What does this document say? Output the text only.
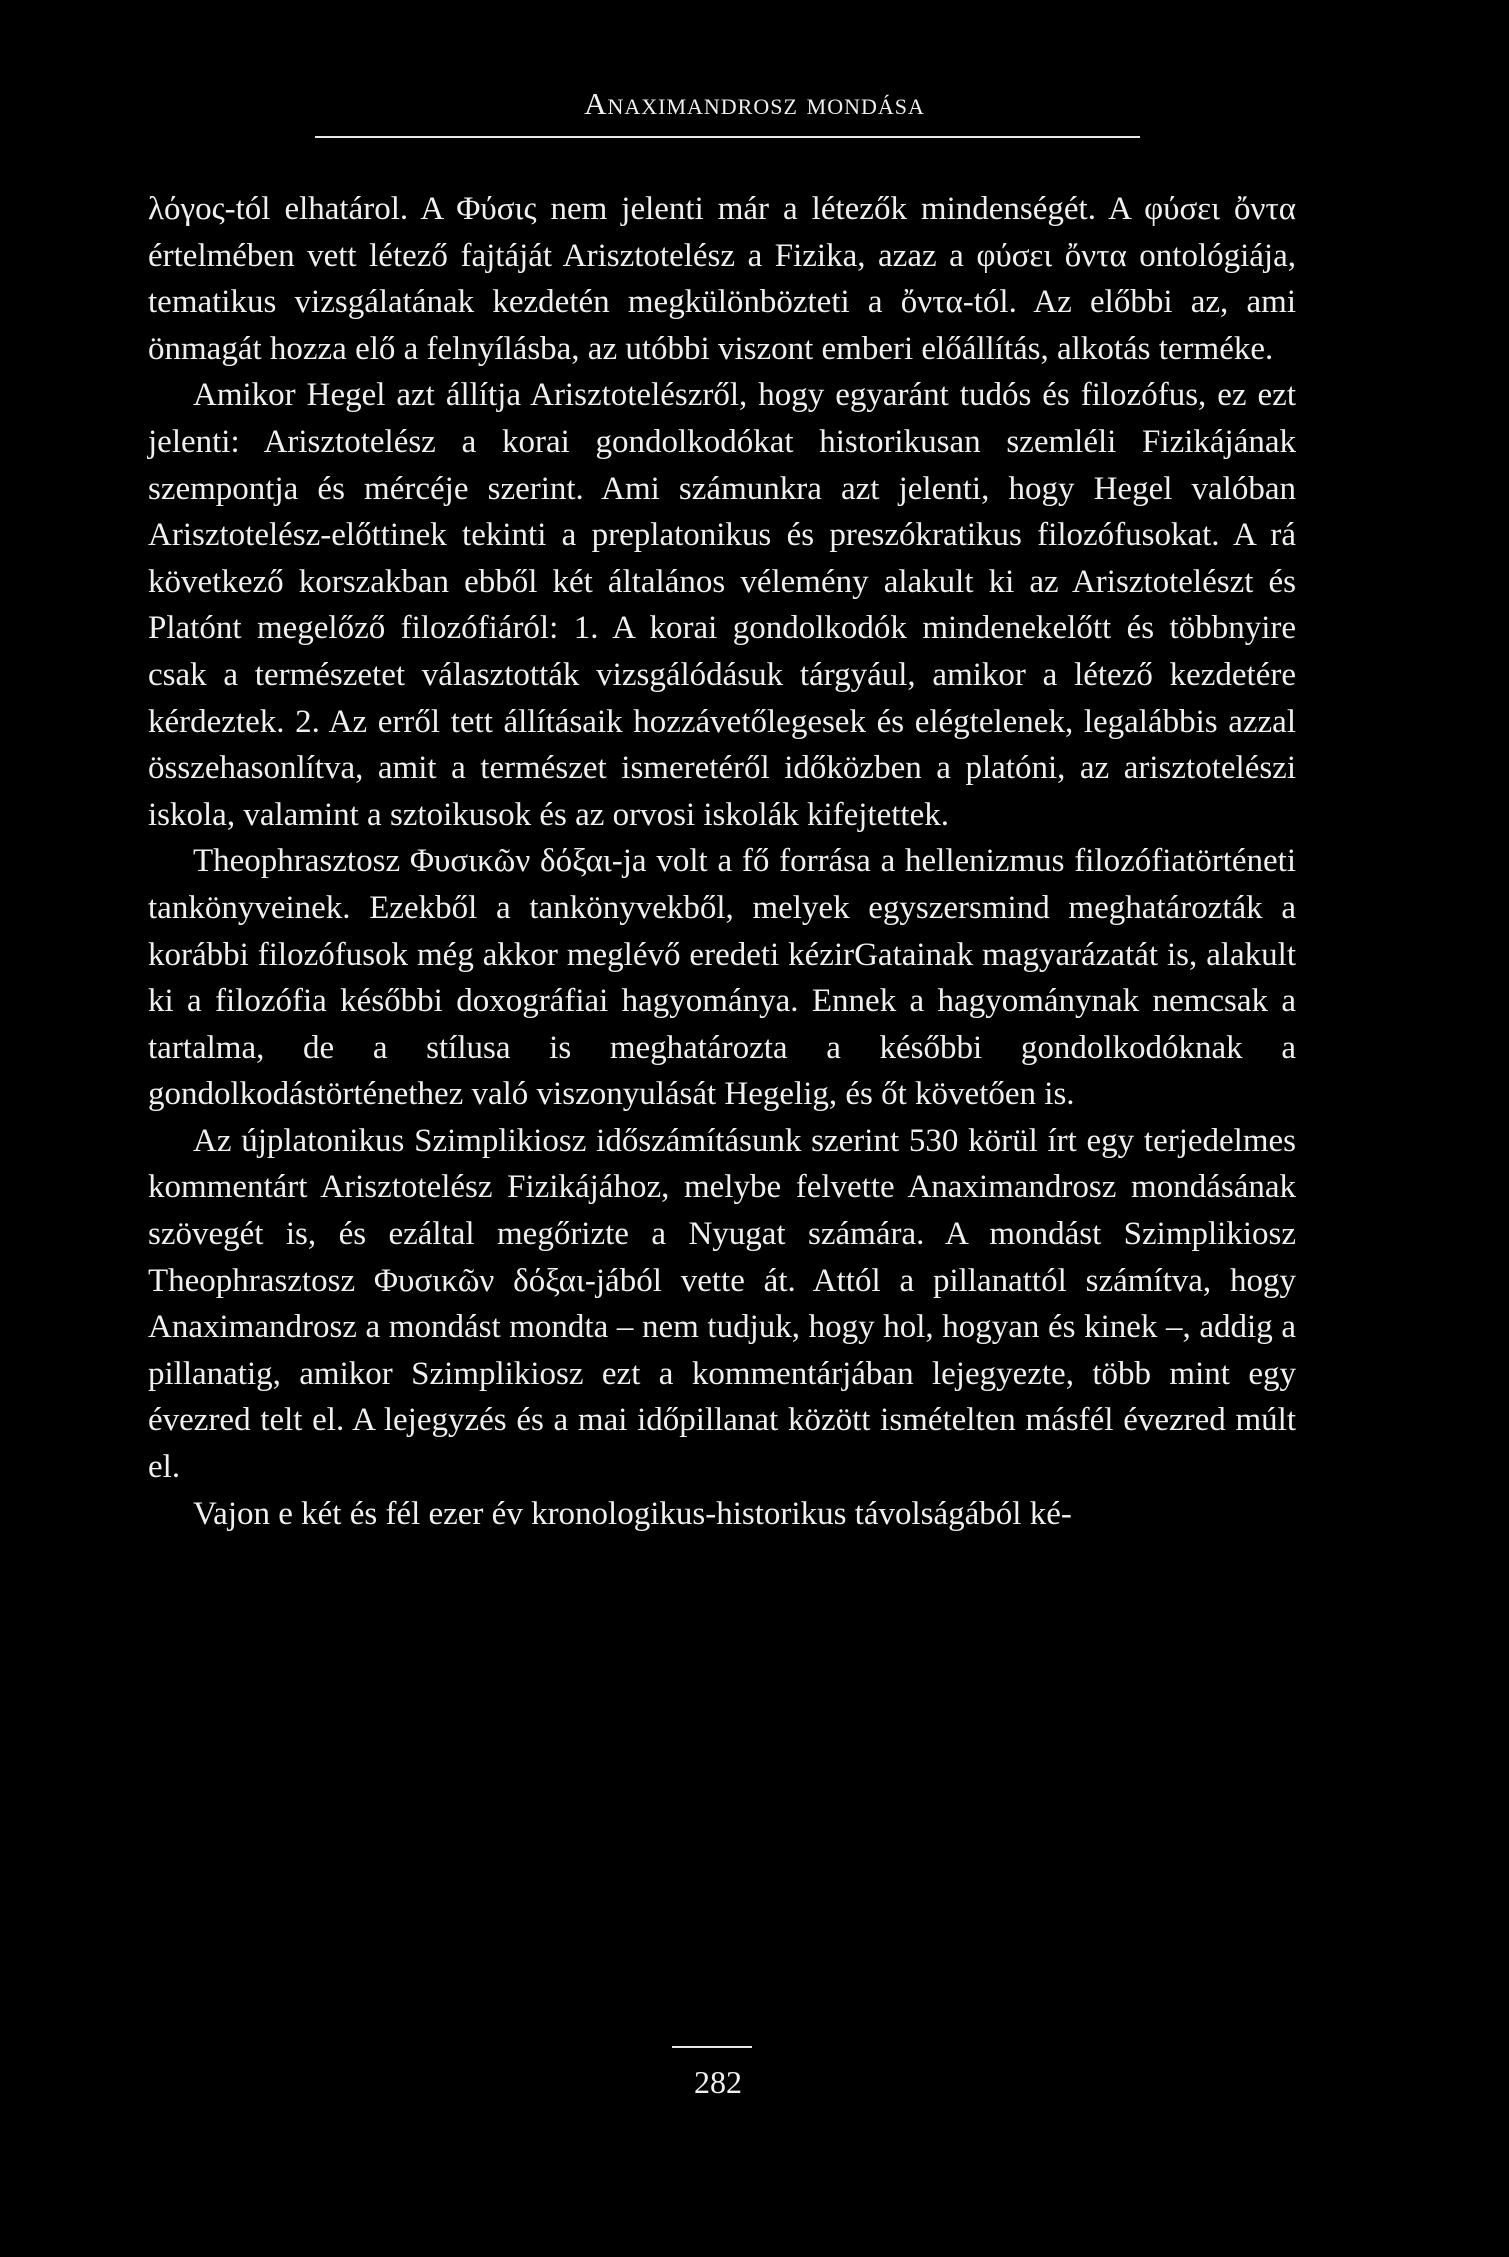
Anaximandrosz mondása

λόγος-tól elhatárol. A Φύσις nem jelenti már a létezők mindenségét. A φύσει ὄντα értelmében vett létező fajtáját Arisztotelész a Fizika, azaz a φύσει ὄντα ontológiája, tematikus vizsgálatának kezdetén megkülönbözteti a ὄντα-tól. Az előbbi az, ami önmagát hozza elő a felnyílásba, az utóbbi viszont emberi előállítás, alkotás terméke.

Amikor Hegel azt állítja Arisztotelészről, hogy egyaránt tudós és filozófus, ez ezt jelenti: Arisztotelész a korai gondolkodókat historikusan szemléli Fizikájának szempontja és mércéje szerint. Ami számunkra azt jelenti, hogy Hegel valóban Arisztotelész-előttinek tekinti a preplatonikus és preszókratikus filozófusokat. A rá következő korszakban ebből két általános vélemény alakult ki az Arisztotelészt és Platónt megelőző filozófiáról: 1. A korai gondolkodók mindenekelőtt és többnyire csak a természetet választották vizsgálódásuk tárgyául, amikor a létező kezdetére kérdeztek. 2. Az erről tett állításaik hozzávetőlegesek és elégtelenek, legalábbis azzal összehasonlítva, amit a természet ismeretéről időközben a platóni, az arisztotelészi iskola, valamint a sztoikusok és az orvosi iskolák kifejtettek.

Theophrasztosz Φυσικῶν δόξαι-ja volt a fő forrása a hellenizmus filozófiatörténeti tankönyveinek. Ezekből a tankönyvekből, melyek egyszersmind meghatározták a korábbi filozófusok még akkor meglévő eredeti kézirGatainak magyarázatát is, alakult ki a filozófia későbbi doxográfiai hagyománya. Ennek a hagyománynak nemcsak a tartalma, de a stílusa is meghatározta a későbbi gondolkodóknak a gondolkodástörténethez való viszonyulását Hegelig, és őt követően is.

Az újplatonikus Szimplikiosz időszámításunk szerint 530 körül írt egy terjedelmes kommentárt Arisztotelész Fizikájához, melybe felvette Anaximandrosz mondásának szövegét is, és ezáltal megőrizte a Nyugat számára. A mondást Szimplikiosz Theophrasztosz Φυσικῶν δόξαι-jából vette át. Attól a pillanattól számítva, hogy Anaximandrosz a mondást mondta – nem tudjuk, hogy hol, hogyan és kinek –, addig a pillanatig, amikor Szimplikiosz ezt a kommentárjában lejegyezte, több mint egy évezred telt el. A lejegyzés és a mai időpillanat között ismételten másfél évezred múlt el.

Vajon e két és fél ezer év kronologikus-historikus távolságából ké-

282
